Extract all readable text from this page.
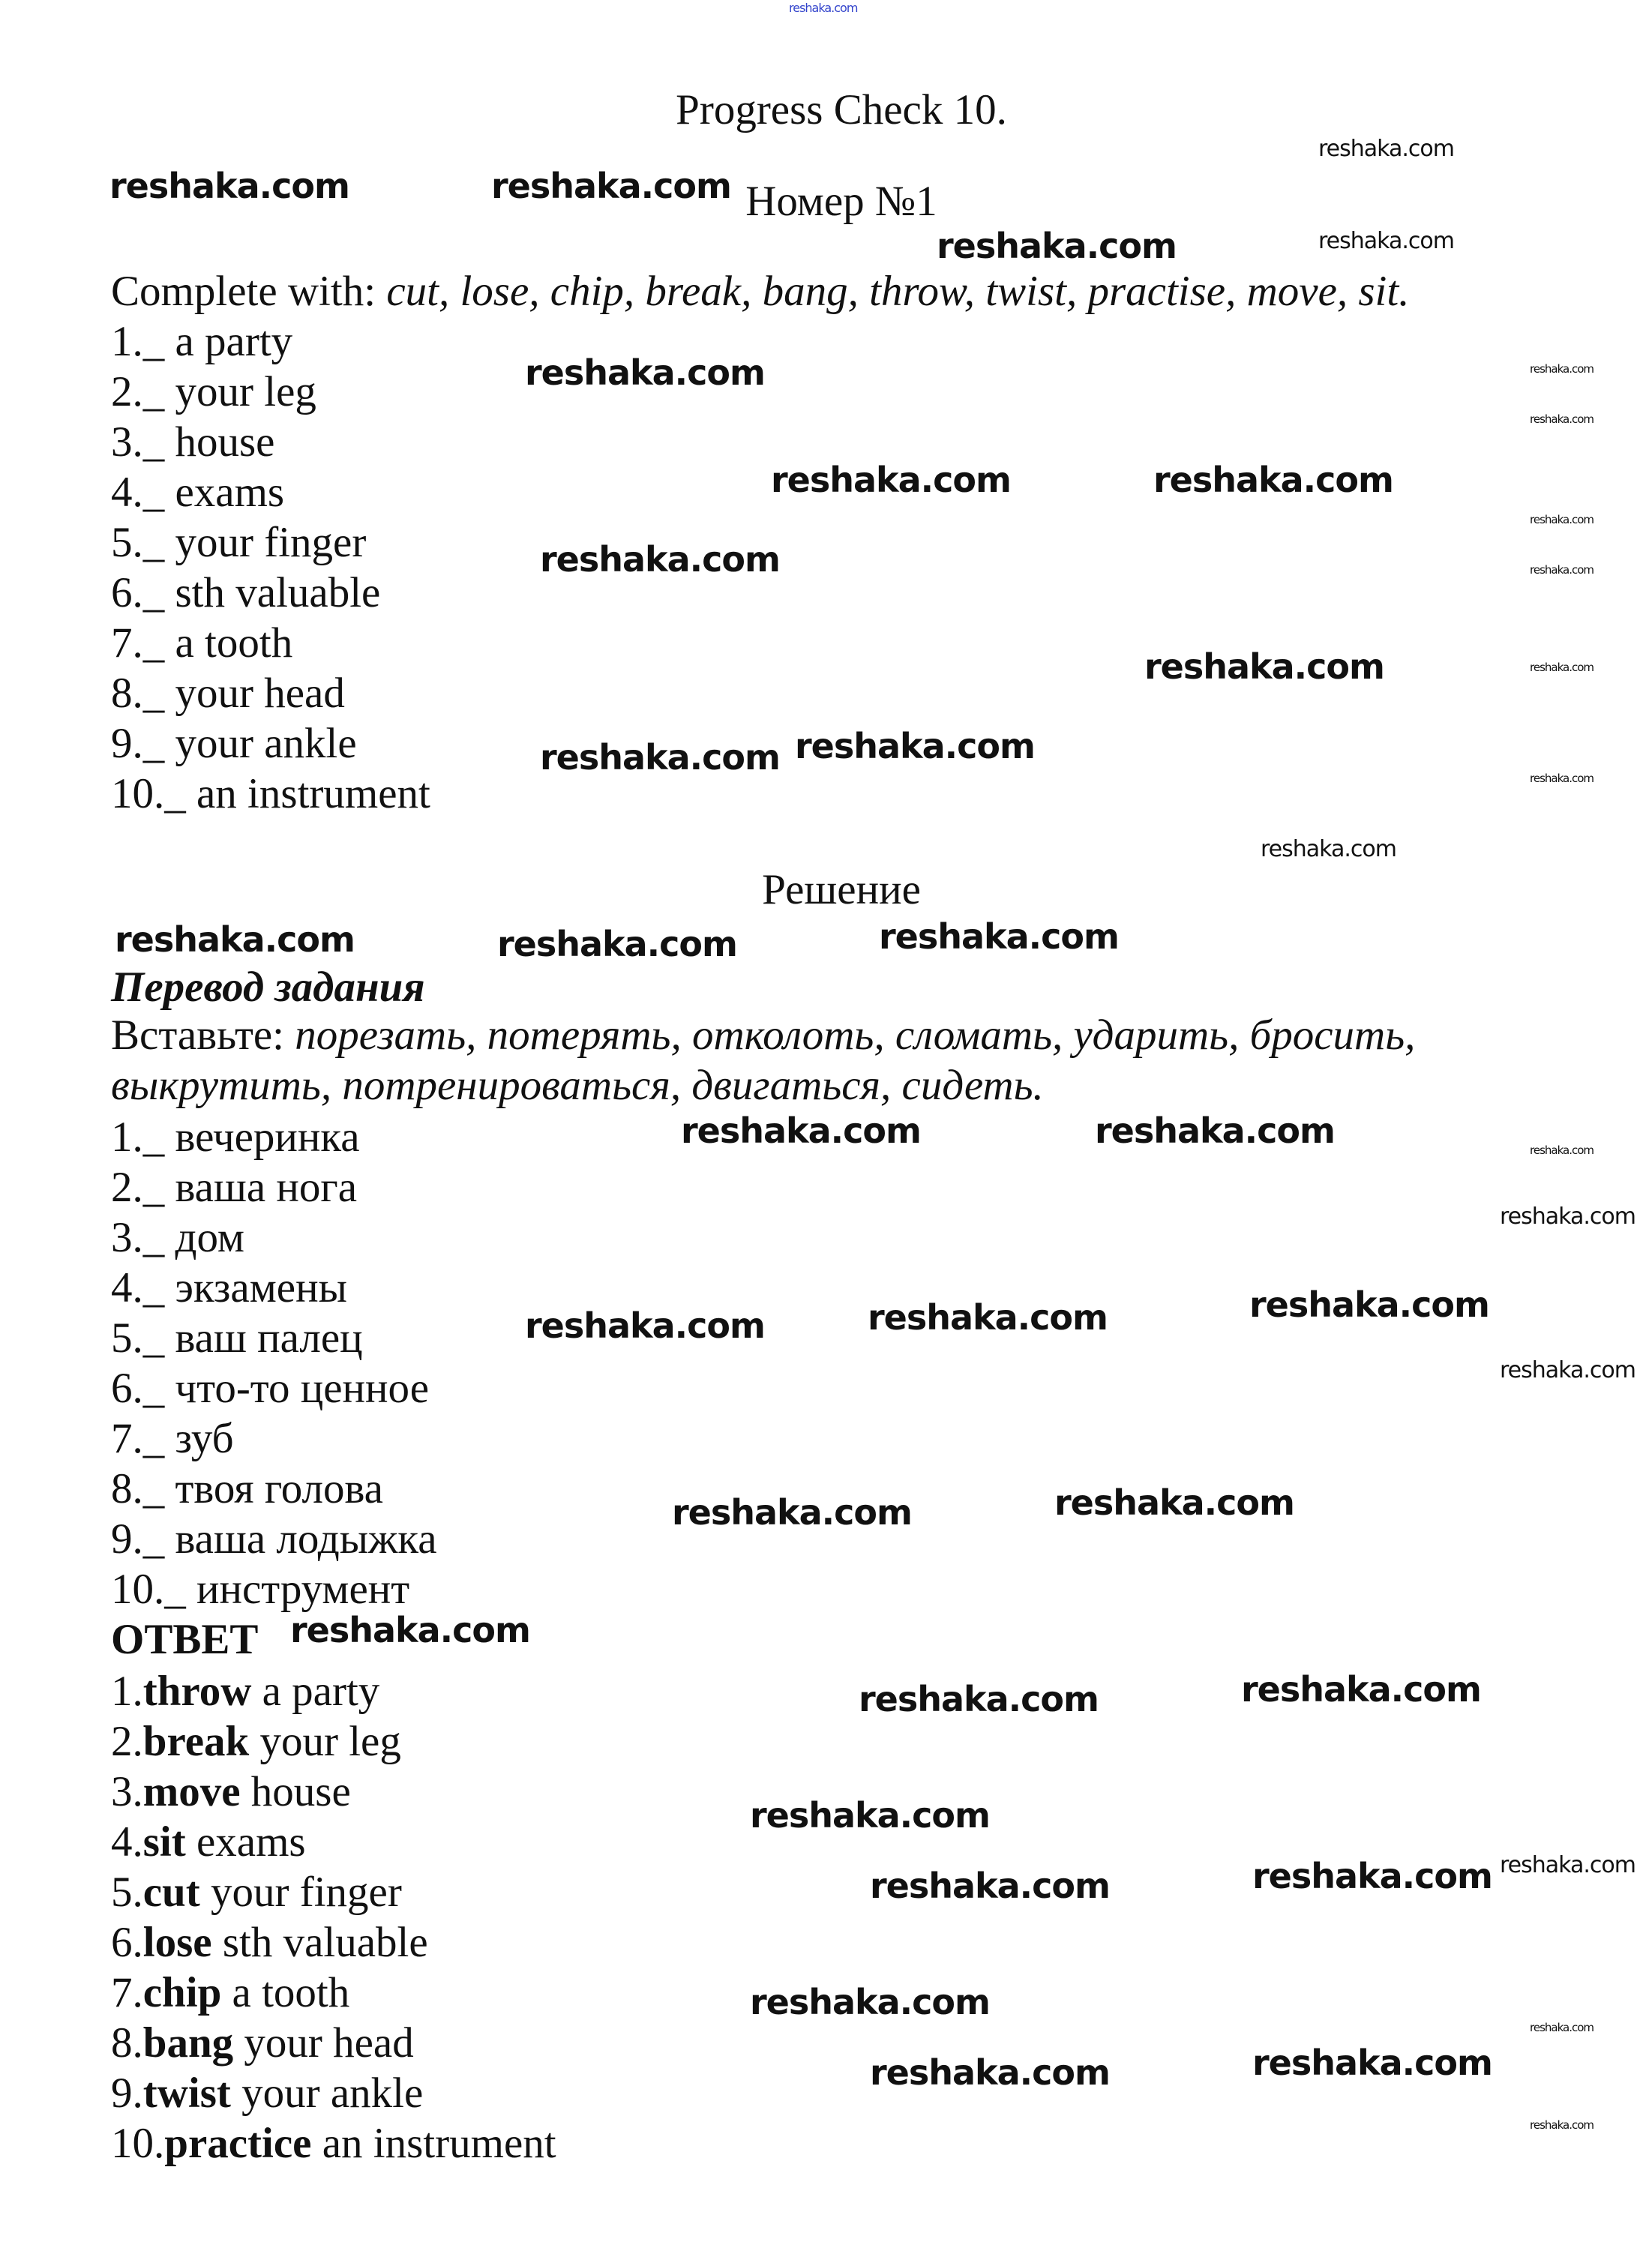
Progress Check 10.
Номер №1
Complete with: cut, lose, chip, break, bang, throw, twist, practise, move, sit.
1._ a party
2._ your leg
3._ house
4._ exams
5._ your finger
6._ sth valuable
7._ a tooth
8._ your head
9._ your ankle
10._ an instrument
Решение
Перевод задания
Вставьте: порезать, потерять, отколоть, сломать, ударить, бросить,
выкрутить, потренироваться, двигаться, сидеть.
1._ вечеринка
2._ ваша нога
3._ дом
4._ экзамены
5._ ваш палец
6._ что-то ценное
7._ зуб
8._ твоя голова
9._ ваша лодыжка
10._ инструмент
ОТВЕТ
1.throw a party
2.break your leg
3.move house
4.sit exams
5.cut your finger
6.lose sth valuable
7.chip a tooth
8.bang your head
9.twist your ankle
10.practice an instrument
reshaka.com	reshaka.com
reshaka.com
reshaka.com
reshaka.com	reshaka.com
reshaka.com
reshaka.com
reshaka.com reshaka.com
reshaka.com	reshaka.com	reshaka.com
reshaka.com	reshaka.com
reshaka.com	reshaka.com	reshaka.com
reshaka.com	reshaka.com
reshaka.com
reshaka.com	reshaka.com
reshaka.com
reshaka.com	reshaka.com
reshaka.com
reshaka.com	reshaka.com
reshaka.com
reshaka.com
reshaka.com
reshaka.com
reshaka.com
reshaka.com
reshaka.com
reshaka.com
reshaka.com
reshaka.com
reshaka.com
reshaka.com
reshaka.com
reshaka.com
reshaka.com
reshaka.com
